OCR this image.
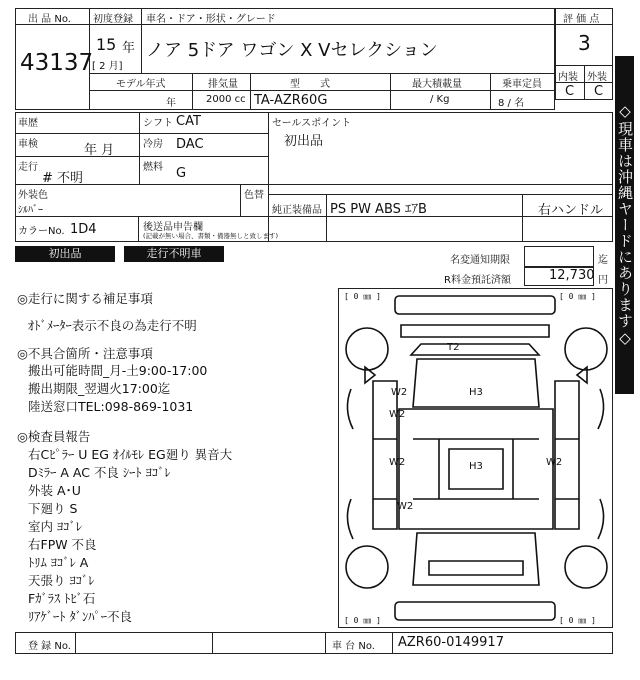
出 品 No.
43137
初度登録
15 年
[ 2 月]
車名・ドア・形状・グレード
ノア 5ドア ワゴン X Vセレクション
評 価 点
3
内装 外装
C C
モデル年式
年
排気量
2000 cc
型　　式
TA-AZR60G
最大積載量
/ Kg
乗車定員
8 / 名
車歴	シフト CAT
車検	年 月	冷房 DAC
走行
# 不明
燃料 G
外装色
ｼﾙﾊﾞｰ
色替
純正装備品 PS PW ABS ｴｱB	右ハンドル
カラーNo. 1D4	後送品申告欄
(記載が無い場合、書類・備器無しと致します)
セールスポイント
初出品
初出品	走行不明車
名変通知期限	迄
R料金預託済額	12,730 円 ◇現車は沖縄ヤードにあります◇
◎走行に関する補足事項
ｵﾄﾞﾒｰﾀｰ表示不良の為走行不明
◎不具合箇所・注意事項
搬出可能時間_月-土9:00-17:00
搬出期限_翌週火17:00迄
陸送窓口TEL:098-869-1031
◎検査員報告
右Cﾋﾟﾗｰ U EG ｵｲﾙﾓﾚ EG廻り 異音大
Dﾐﾗｰ A AC 不良 ｼｰﾄ ﾖｺﾞﾚ
外装 A･U
下廻り S
室内 ﾖｺﾞﾚ
右FPW 不良
ﾄﾘﾑ ﾖｺﾞﾚ A
天張り ﾖｺﾞﾚ
Fｶﾞﾗｽ ﾄﾋﾞ石
ﾘｱｹﾞｰﾄ ﾀﾞﾝﾊﾟｰ不良
[ 0 ㎜ ]	[ 0 ㎜ ]
[ 0 ㎜ ]	[ 0 ㎜ ]
T2
W2	H3
W2
W2	H3	W2
W2
登 録 No.	車 台 No. AZR60-0149917
